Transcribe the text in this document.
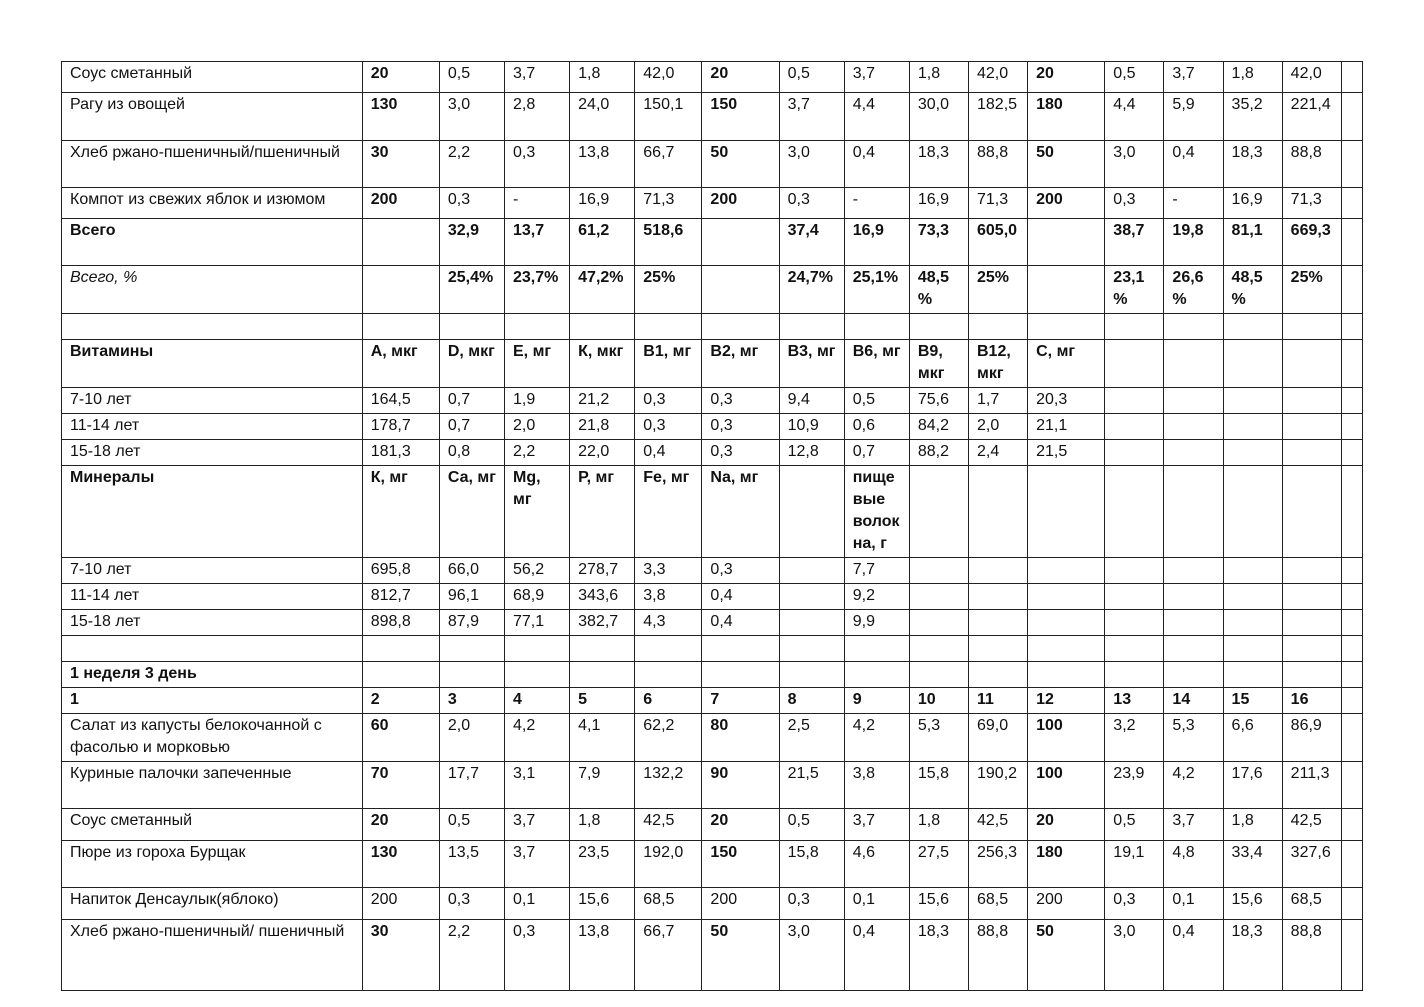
Соус сметанный	20	0,5	3,7	1,8	42,0	20	0,5	3,7	1,8	42,0	20	0,5	3,7	1,8	42,0	
Рагу из овощей	130	3,0	2,8	24,0	150,1	150	3,7	4,4	30,0	182,5	180	4,4	5,9	35,2	221,4	
Хлеб ржано-пшеничный/пшеничный	30	2,2	0,3	13,8	66,7	50	3,0	0,4	18,3	88,8	50	3,0	0,4	18,3	88,8	
Компот из свежих яблок и изюмом	200	0,3	-	16,9	71,3	200	0,3	-	16,9	71,3	200	0,3	-	16,9	71,3	
Всего		32,9	13,7	61,2	518,6		37,4	16,9	73,3	605,0		38,7	19,8	81,1	669,3	
Всего, %		25,4%	23,7%	47,2%	25%		24,7%	25,1%	48,5%	25%		23,1%	26,6%	48,5%	25%	

Витамины	А, мкг	D, мкг	Е, мг	К, мкг	В1, мг	В2, мг	В3, мг	В6, мг	В9, мкг	В12, мкг	С, мг					
7-10 лет	164,5	0,7	1,9	21,2	0,3	0,3	9,4	0,5	75,6	1,7	20,3					
11-14 лет	178,7	0,7	2,0	21,8	0,3	0,3	10,9	0,6	84,2	2,0	21,1					
15-18 лет	181,3	0,8	2,2	22,0	0,4	0,3	12,8	0,7	88,2	2,4	21,5					
Минералы	К, мг	Са, мг	Mg, мг	Р, мг	Fe, мг	Na, мг		пищевые волокна, г								
7-10 лет	695,8	66,0	56,2	278,7	3,3	0,3		7,7								
11-14 лет	812,7	96,1	68,9	343,6	3,8	0,4		9,2								
15-18 лет	898,8	87,9	77,1	382,7	4,3	0,4		9,9								

1 неделя 3 день																
1	2	3	4	5	6	7	8	9	10	11	12	13	14	15	16	
Салат из капусты белокочанной с фасолью и морковью	60	2,0	4,2	4,1	62,2	80	2,5	4,2	5,3	69,0	100	3,2	5,3	6,6	86,9	
Куриные палочки запеченные	70	17,7	3,1	7,9	132,2	90	21,5	3,8	15,8	190,2	100	23,9	4,2	17,6	211,3	
Соус сметанный	20	0,5	3,7	1,8	42,5	20	0,5	3,7	1,8	42,5	20	0,5	3,7	1,8	42,5	
Пюре из гороха Бурщак	130	13,5	3,7	23,5	192,0	150	15,8	4,6	27,5	256,3	180	19,1	4,8	33,4	327,6	
Напиток Денсаулык(яблоко)	200	0,3	0,1	15,6	68,5	200	0,3	0,1	15,6	68,5	200	0,3	0,1	15,6	68,5	
Хлеб ржано-пшеничный/ пшеничный	30	2,2	0,3	13,8	66,7	50	3,0	0,4	18,3	88,8	50	3,0	0,4	18,3	88,8	
